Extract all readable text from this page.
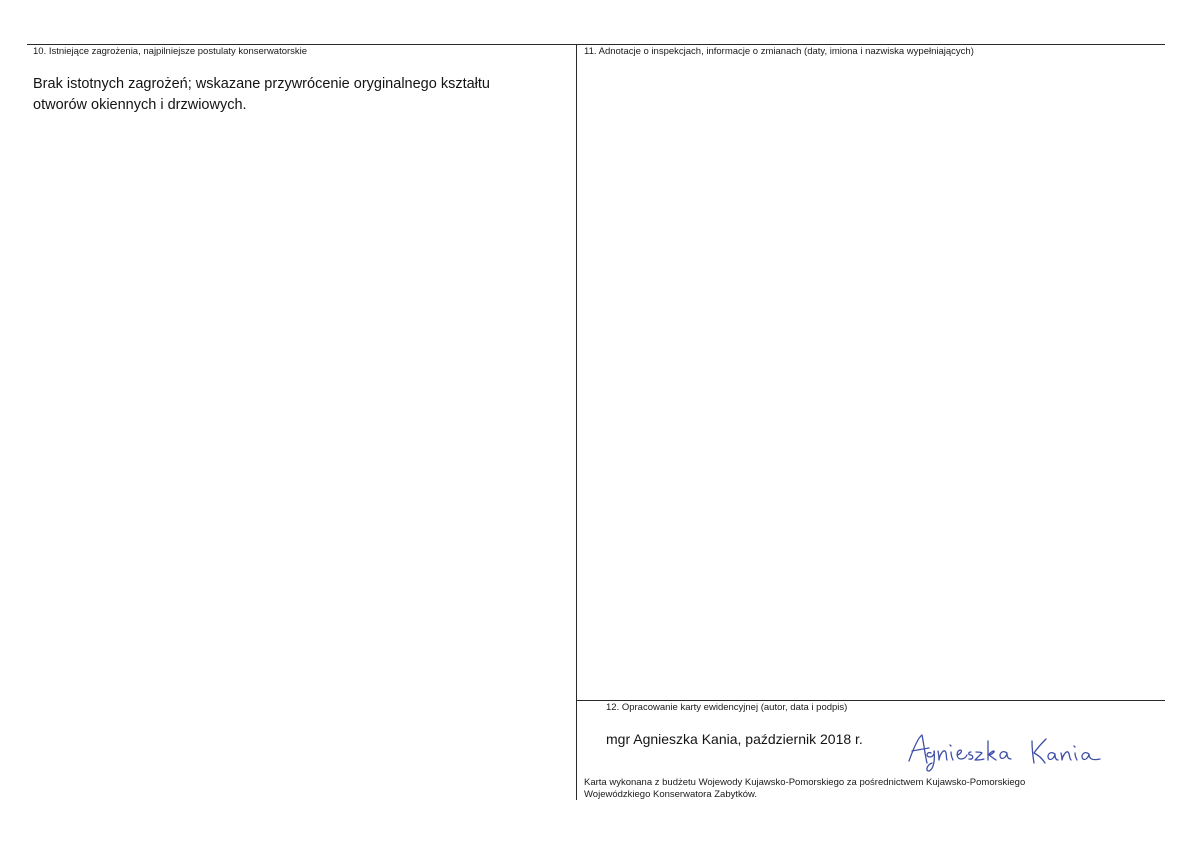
10. Istniejące zagrożenia, najpilniejsze postulaty konserwatorskie
Brak istotnych zagrożeń; wskazane przywrócenie oryginalnego kształtu
otworów okiennych i drzwiowych.
11. Adnotacje o inspekcjach, informacje o zmianach (daty, imiona i nazwiska wypełniających)
12. Opracowanie karty ewidencyjnej (autor, data i podpis)
mgr Agnieszka Kania, październik 2018 r.
Karta wykonana z budżetu Wojewody Kujawsko-Pomorskiego za pośrednictwem Kujawsko-Pomorskiego
Wojewódzkiego Konserwatora Zabytków.
